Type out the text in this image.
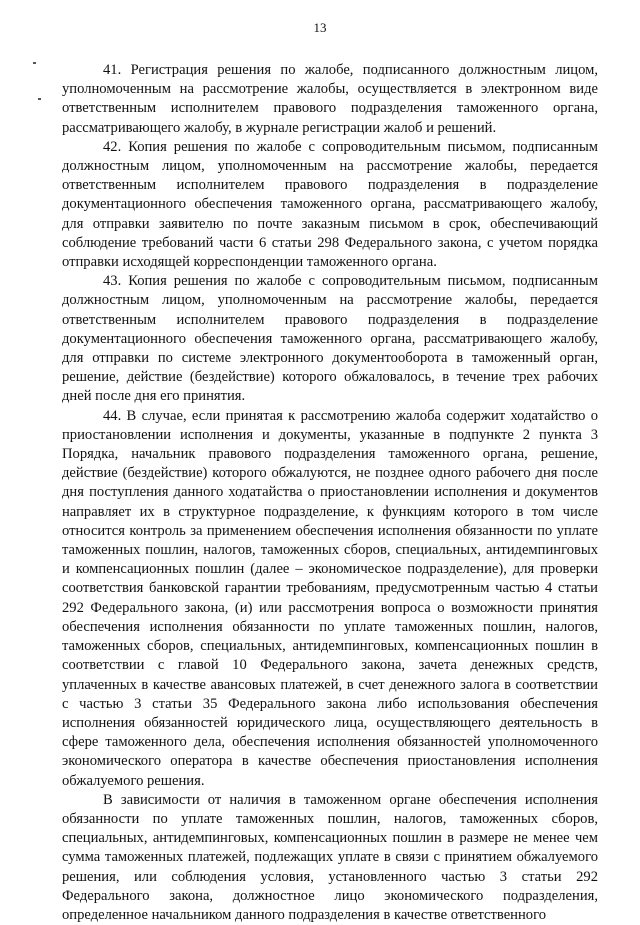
13

41. Регистрация решения по жалобе, подписанного должностным лицом, уполномоченным на рассмотрение жалобы, осуществляется в электронном виде ответственным исполнителем правового подразделения таможенного органа, рассматривающего жалобу, в журнале регистрации жалоб и решений.

42. Копия решения по жалобе с сопроводительным письмом, подписанным должностным лицом, уполномоченным на рассмотрение жалобы, передается ответственным исполнителем правового подразделения в подразделение документационного обеспечения таможенного органа, рассматривающего жалобу, для отправки заявителю по почте заказным письмом в срок, обеспечивающий соблюдение требований части 6 статьи 298 Федерального закона, с учетом порядка отправки исходящей корреспонденции таможенного органа.

43. Копия решения по жалобе с сопроводительным письмом, подписанным должностным лицом, уполномоченным на рассмотрение жалобы, передается ответственным исполнителем правового подразделения в подразделение документационного обеспечения таможенного органа, рассматривающего жалобу, для отправки по системе электронного документооборота в таможенный орган, решение, действие (бездействие) которого обжаловалось, в течение трех рабочих дней после дня его принятия.

44. В случае, если принятая к рассмотрению жалоба содержит ходатайство о приостановлении исполнения и документы, указанные в подпункте 2 пункта 3 Порядка, начальник правового подразделения таможенного органа, решение, действие (бездействие) которого обжалуются, не позднее одного рабочего дня после дня поступления данного ходатайства о приостановлении исполнения и документов направляет их в структурное подразделение, к функциям которого в том числе относится контроль за применением обеспечения исполнения обязанности по уплате таможенных пошлин, налогов, таможенных сборов, специальных, антидемпинговых и компенсационных пошлин (далее – экономическое подразделение), для проверки соответствия банковской гарантии требованиям, предусмотренным частью 4 статьи 292 Федерального закона, (и) или рассмотрения вопроса о возможности принятия обеспечения исполнения обязанности по уплате таможенных пошлин, налогов, таможенных сборов, специальных, антидемпинговых, компенсационных пошлин в соответствии с главой 10 Федерального закона, зачета денежных средств, уплаченных в качестве авансовых платежей, в счет денежного залога в соответствии с частью 3 статьи 35 Федерального закона либо использования обеспечения исполнения обязанностей юридического лица, осуществляющего деятельность в сфере таможенного дела, обеспечения исполнения обязанностей уполномоченного экономического оператора в качестве обеспечения приостановления исполнения обжалуемого решения.

В зависимости от наличия в таможенном органе обеспечения исполнения обязанности по уплате таможенных пошлин, налогов, таможенных сборов, специальных, антидемпинговых, компенсационных пошлин в размере не менее чем сумма таможенных платежей, подлежащих уплате в связи с принятием обжалуемого решения, или соблюдения условия, установленного частью 3 статьи 292 Федерального закона, должностное лицо экономического подразделения, определенное начальником данного подразделения в качестве ответственного
